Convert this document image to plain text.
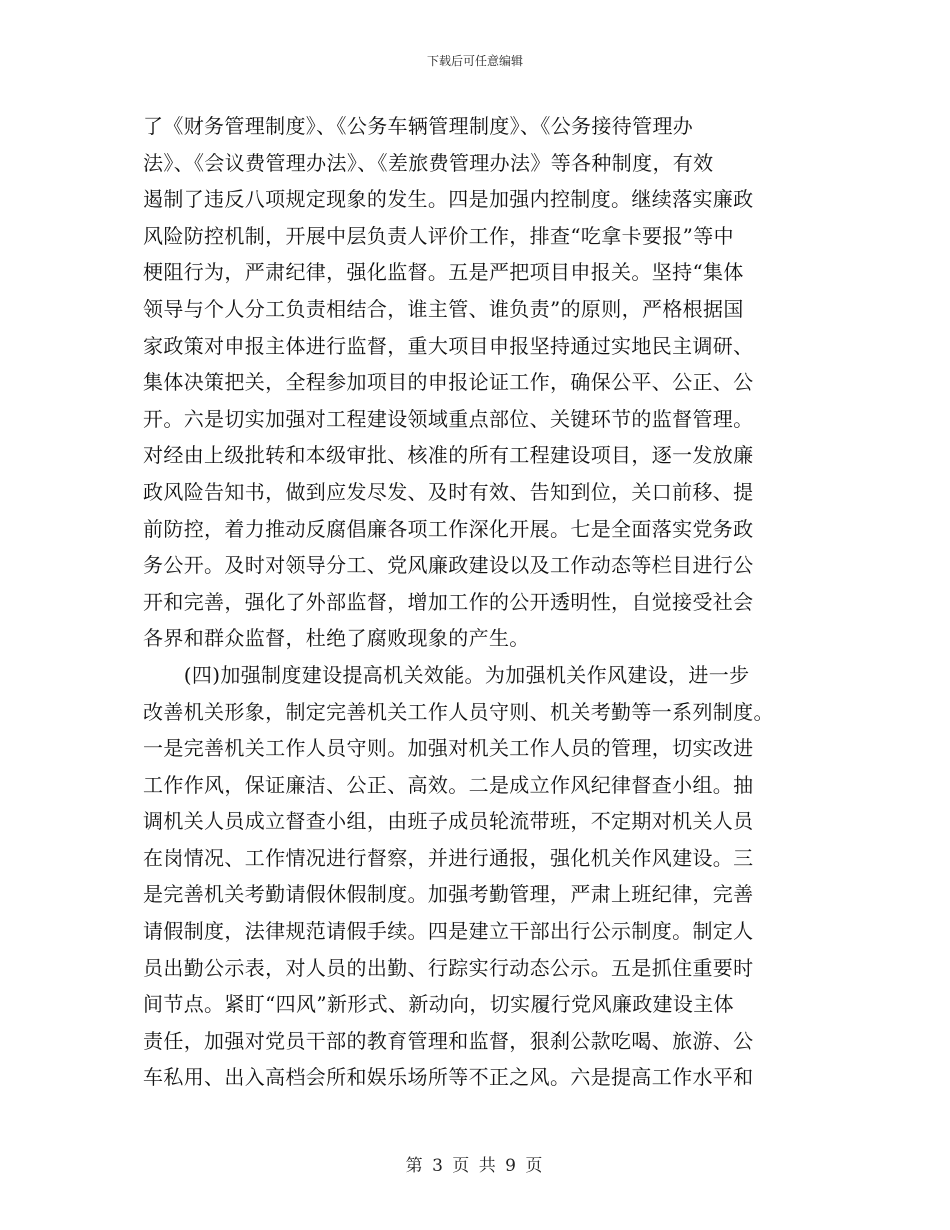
下载后可任意编辑
了《财务管理制度》、《公务车辆管理制度》、《公务接待管理办
法》、《会议费管理办法》、《差旅费管理办法》等各种制度，有效
遏制了违反八项规定现象的发生。四是加强内控制度。继续落实廉政
风险防控机制，开展中层负责人评价工作，排查“吃拿卡要报”等中
梗阻行为，严肃纪律，强化监督。五是严把项目申报关。坚持“集体
领导与个人分工负责相结合，谁主管、谁负责”的原则，严格根据国
家政策对申报主体进行监督，重大项目申报坚持通过实地民主调研、
集体决策把关，全程参加项目的申报论证工作，确保公平、公正、公
开。六是切实加强对工程建设领域重点部位、关键环节的监督管理。
对经由上级批转和本级审批、核准的所有工程建设项目，逐一发放廉
政风险告知书，做到应发尽发、及时有效、告知到位，关口前移、提
前防控，着力推动反腐倡廉各项工作深化开展。七是全面落实党务政
务公开。及时对领导分工、党风廉政建设以及工作动态等栏目进行公
开和完善，强化了外部监督，增加工作的公开透明性，自觉接受社会
各界和群众监督，杜绝了腐败现象的产生。
　　(四)加强制度建设提高机关效能。为加强机关作风建设，进一步
改善机关形象，制定完善机关工作人员守则、机关考勤等一系列制度。
一是完善机关工作人员守则。加强对机关工作人员的管理，切实改进
工作作风，保证廉洁、公正、高效。二是成立作风纪律督查小组。抽
调机关人员成立督查小组，由班子成员轮流带班，不定期对机关人员
在岗情况、工作情况进行督察，并进行通报，强化机关作风建设。三
是完善机关考勤请假休假制度。加强考勤管理，严肃上班纪律，完善
请假制度，法律规范请假手续。四是建立干部出行公示制度。制定人
员出勤公示表，对人员的出勤、行踪实行动态公示。五是抓住重要时
间节点。紧盯“四风”新形式、新动向，切实履行党风廉政建设主体
责任，加强对党员干部的教育管理和监督，狠刹公款吃喝、旅游、公
车私用、出入高档会所和娱乐场所等不正之风。六是提高工作水平和
第 3 页 共 9 页
